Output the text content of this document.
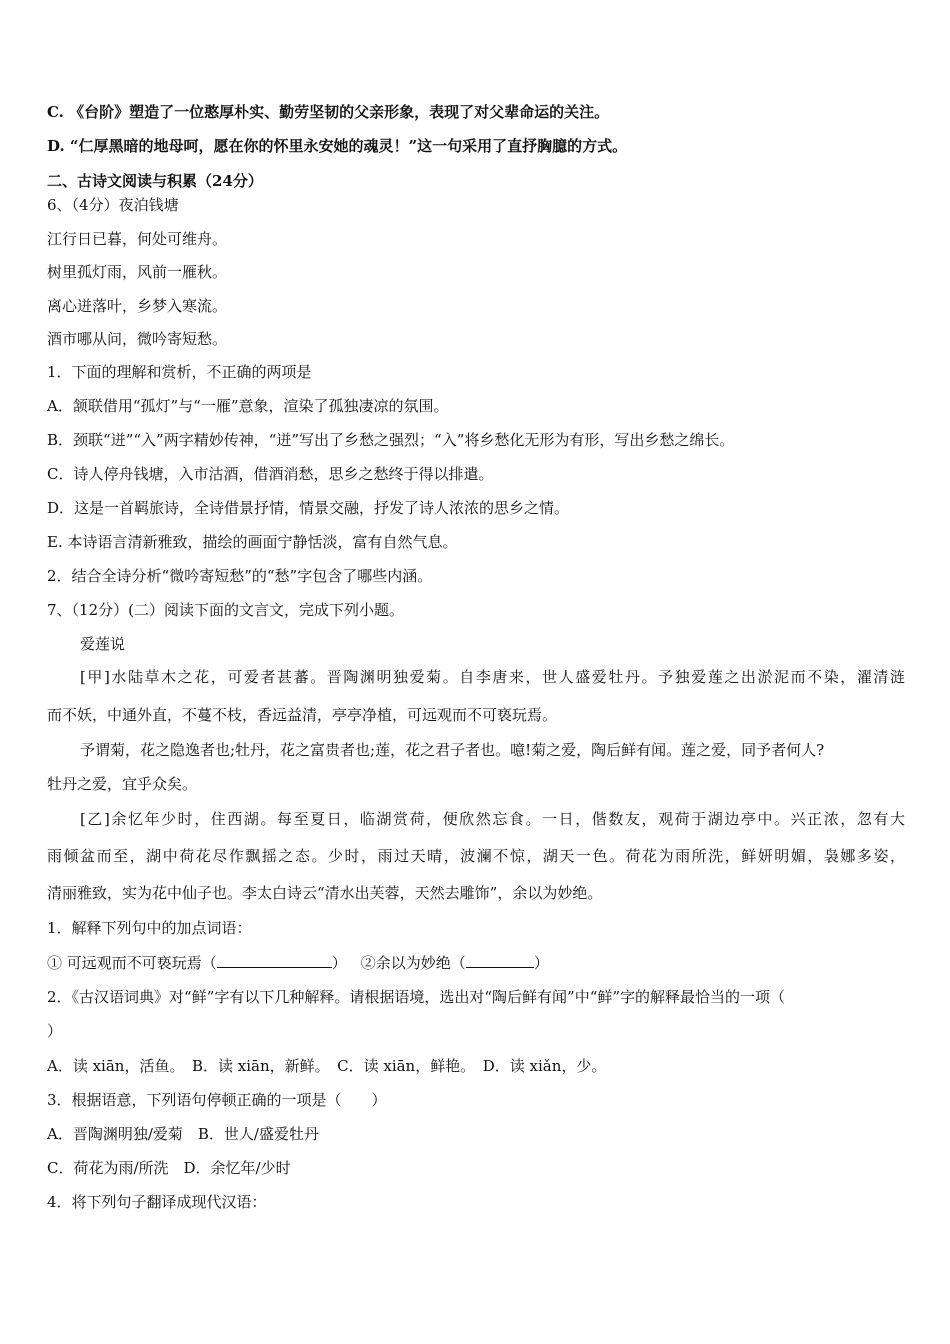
C. 《台阶》塑造了一位憨厚朴实、勤劳坚韧的父亲形象，表现了对父辈命运的关注。
D. “仁厚黑暗的地母呵，愿在你的怀里永安她的魂灵！”这一句采用了直抒胸臆的方式。
二、古诗文阅读与积累（24分）
6、（4分）夜泊钱塘
江行日已暮，何处可维舟。
树里孤灯雨，风前一雁秋。
离心迸落叶，乡梦入寒流。
酒市哪从问，微吟寄短愁。
1．下面的理解和赏析，不正确的两项是
A．颔联借用“孤灯”与“一雁”意象，渲染了孤独凄凉的氛围。
B．颈联“迸”“入”两字精妙传神，“迸”写出了乡愁之强烈；“入”将乡愁化无形为有形，写出乡愁之绵长。
C．诗人停舟钱塘，入市沽酒，借酒消愁，思乡之愁终于得以排遣。
D．这是一首羁旅诗，全诗借景抒情，情景交融，抒发了诗人浓浓的思乡之情。
E. 本诗语言清新雅致，描绘的画面宁静恬淡，富有自然气息。
2．结合全诗分析“微吟寄短愁”的“愁”字包含了哪些内涵。
7、（12分）(二）阅读下面的文言文，完成下列小题。
爱莲说
[甲]水陆草木之花，可爱者甚蕃。晋陶渊明独爱菊。自李唐来，世人盛爱牡丹。予独爱莲之出淤泥而不染，濯清涟
而不妖，中通外直，不蔓不枝，香远益清，亭亭净植，可远观而不可亵玩焉。
予谓菊，花之隐逸者也;牡丹，花之富贵者也;莲，花之君子者也。噫!菊之爱，陶后鲜有闻。莲之爱，同予者何人?
牡丹之爱，宜乎众矣。
[乙]余忆年少时，住西湖。每至夏日，临湖赏荷，便欣然忘食。一日，偕数友，观荷于湖边亭中。兴正浓，忽有大
雨倾盆而至，湖中荷花尽作飘摇之态。少时，雨过天晴，波澜不惊，湖天一色。荷花为雨所洗，鲜妍明媚，袅娜多姿，
清丽雅致，实为花中仙子也。李太白诗云“清水出芙蓉，天然去雕饰”，余以为妙绝。
1．解释下列句中的加点词语：
① 可远观而不可亵玩焉（	） ②余以为妙绝（	）
2．《古汉语词典》对“鲜”字有以下几种解释。请根据语境，选出对“陶后鲜有闻”中“鲜”字的解释最恰当的一项（
）
A．读 xiān，活鱼。　B．读 xiān，新鲜。　C．读 xiān，鲜艳。　D．读 xiǎn，少。
3．根据语意，下列语句停顿正确的一项是（　　）
A．晋陶渊明独/爱菊　B．世人/盛爱牡丹
C．荷花为雨/所洗　D．余忆年/少时
4．将下列句子翻译成现代汉语：
